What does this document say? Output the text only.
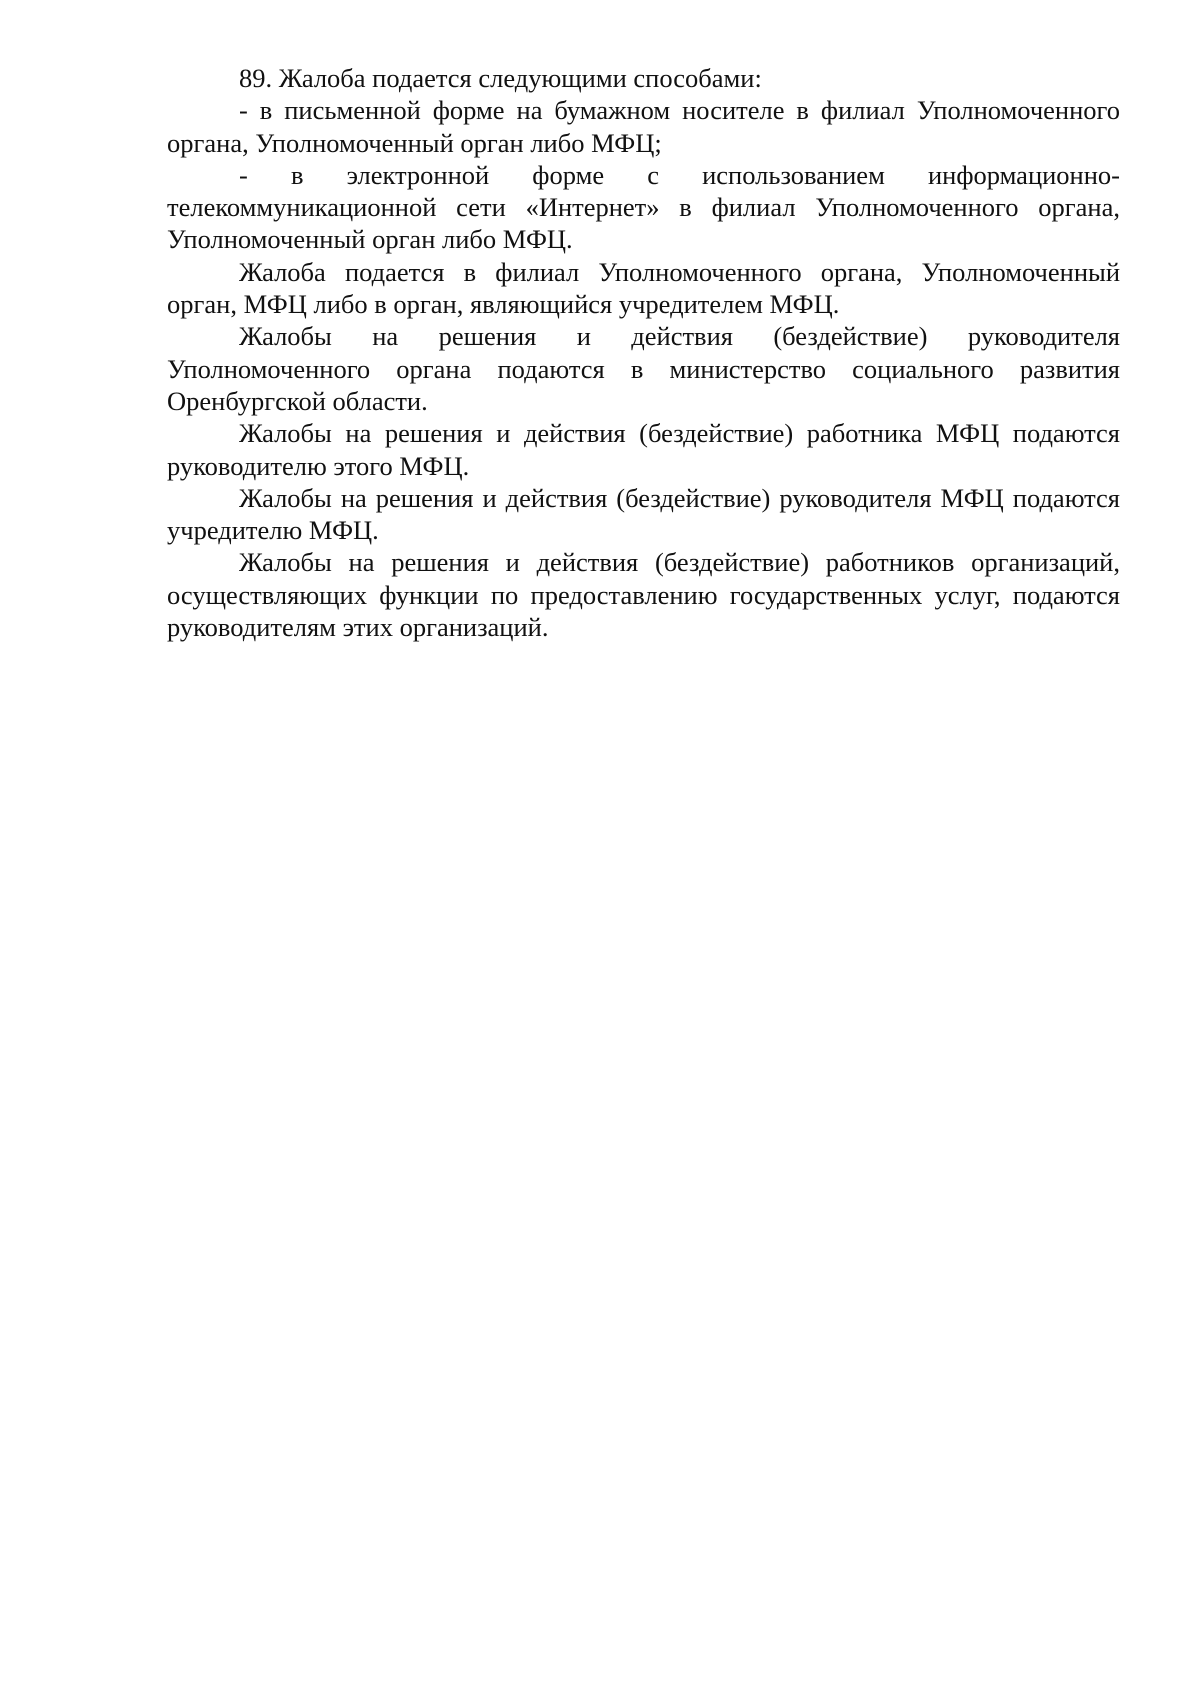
89. Жалоба подается следующими способами:

- в письменной форме на бумажном носителе в филиал Уполномоченного органа, Уполномоченный орган либо МФЦ;

- в электронной форме с использованием информационно-телекоммуникационной сети «Интернет» в филиал Уполномоченного органа, Уполномоченный орган либо МФЦ.

Жалоба подается в филиал Уполномоченного органа, Уполномоченный орган, МФЦ либо в орган, являющийся учредителем МФЦ.

Жалобы на решения и действия (бездействие) руководителя Уполномоченного органа подаются в министерство социального развития Оренбургской области.

Жалобы на решения и действия (бездействие) работника МФЦ подаются руководителю этого МФЦ.

Жалобы на решения и действия (бездействие) руководителя МФЦ подаются учредителю МФЦ.

Жалобы на решения и действия (бездействие) работников организаций, осуществляющих функции по предоставлению государственных услуг, подаются руководителям этих организаций.
